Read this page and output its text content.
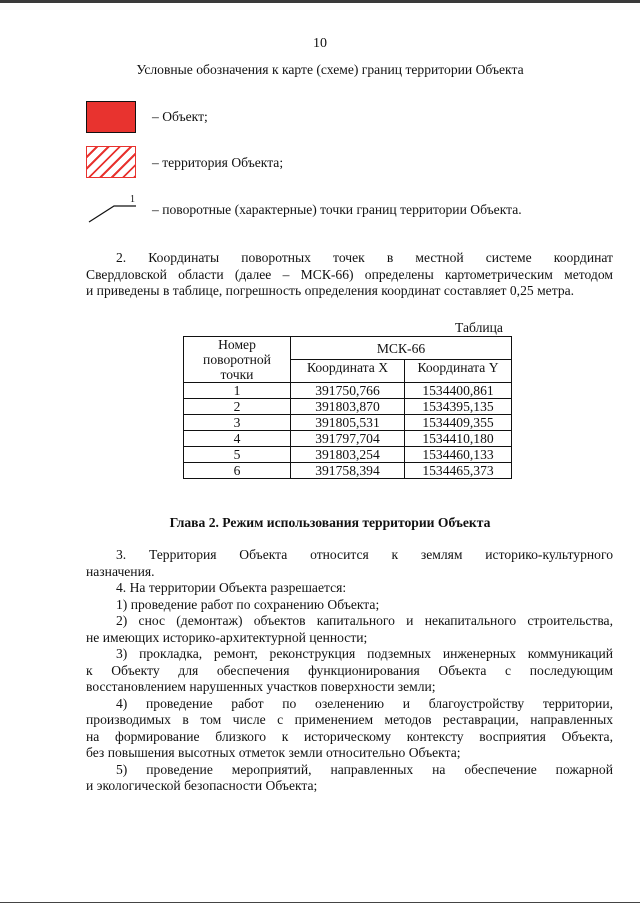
10
Условные обозначения к карте (схеме) границ территории Объекта
– Объект;
– территория Объекта;
1
– поворотные (характерные) точки границ территории Объекта.
2. Координаты поворотных точек в местной системе координат
Свердловской области (далее – МСК-66) определены картометрическим методом
и приведены в таблице, погрешность определения координат составляет 0,25 метра.
Таблица
Номер
поворотной
точки	МСК-66	
	Координата X	Координата Y
1	391750,766	1534400,861
2	391803,870	1534395,135
3	391805,531	1534409,355
4	391797,704	1534410,180
5	391803,254	1534460,133
6	391758,394	1534465,373
Глава 2. Режим использования территории Объекта
3. Территория Объекта относится к землям историко-культурного
назначения.
4. На территории Объекта разрешается:
1) проведение работ по сохранению Объекта;
2) снос (демонтаж) объектов капитального и некапитального строительства,
не имеющих историко-архитектурной ценности;
3) прокладка, ремонт, реконструкция подземных инженерных коммуникаций
к Объекту для обеспечения функционирования Объекта с последующим
восстановлением нарушенных участков поверхности земли;
4) проведение работ по озеленению и благоустройству территории,
производимых в том числе с применением методов реставрации, направленных
на формирование близкого к историческому контексту восприятия Объекта,
без повышения высотных отметок земли относительно Объекта;
5) проведение мероприятий, направленных на обеспечение пожарной
и экологической безопасности Объекта;
